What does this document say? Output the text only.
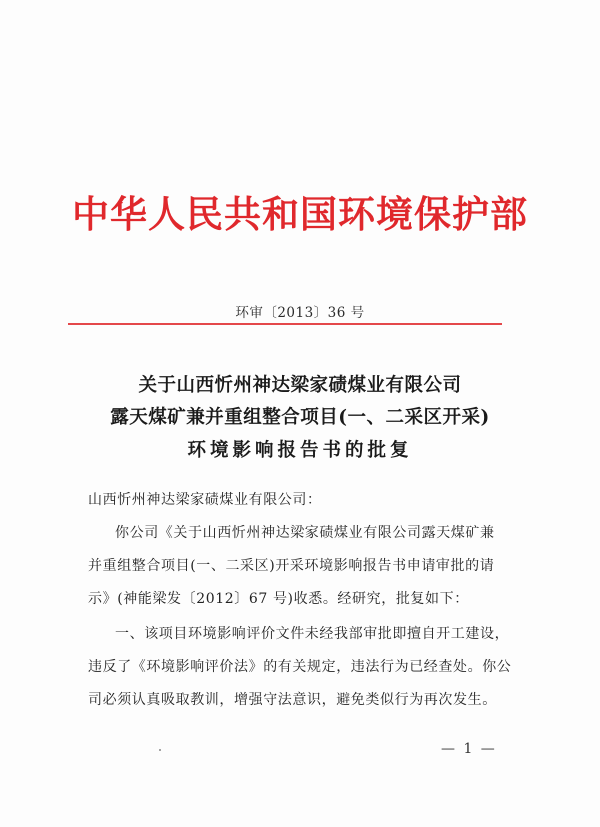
中华人民共和国环境保护部
环审〔2013〕36 号
关于山西忻州神达梁家碛煤业有限公司
露天煤矿兼并重组整合项目(一、二采区开采)
环境影响报告书的批复
山西忻州神达梁家碛煤业有限公司：
你公司《关于山西忻州神达梁家碛煤业有限公司露天煤矿兼
并重组整合项目(一、二采区)开采环境影响报告书申请审批的请
示》(神能梁发〔2012〕67 号)收悉。经研究，批复如下：
一、该项目环境影响评价文件未经我部审批即擅自开工建设，
违反了《环境影响评价法》的有关规定，违法行为已经查处。你公
司必须认真吸取教训，增强守法意识，避免类似行为再次发生。
— 1 —
